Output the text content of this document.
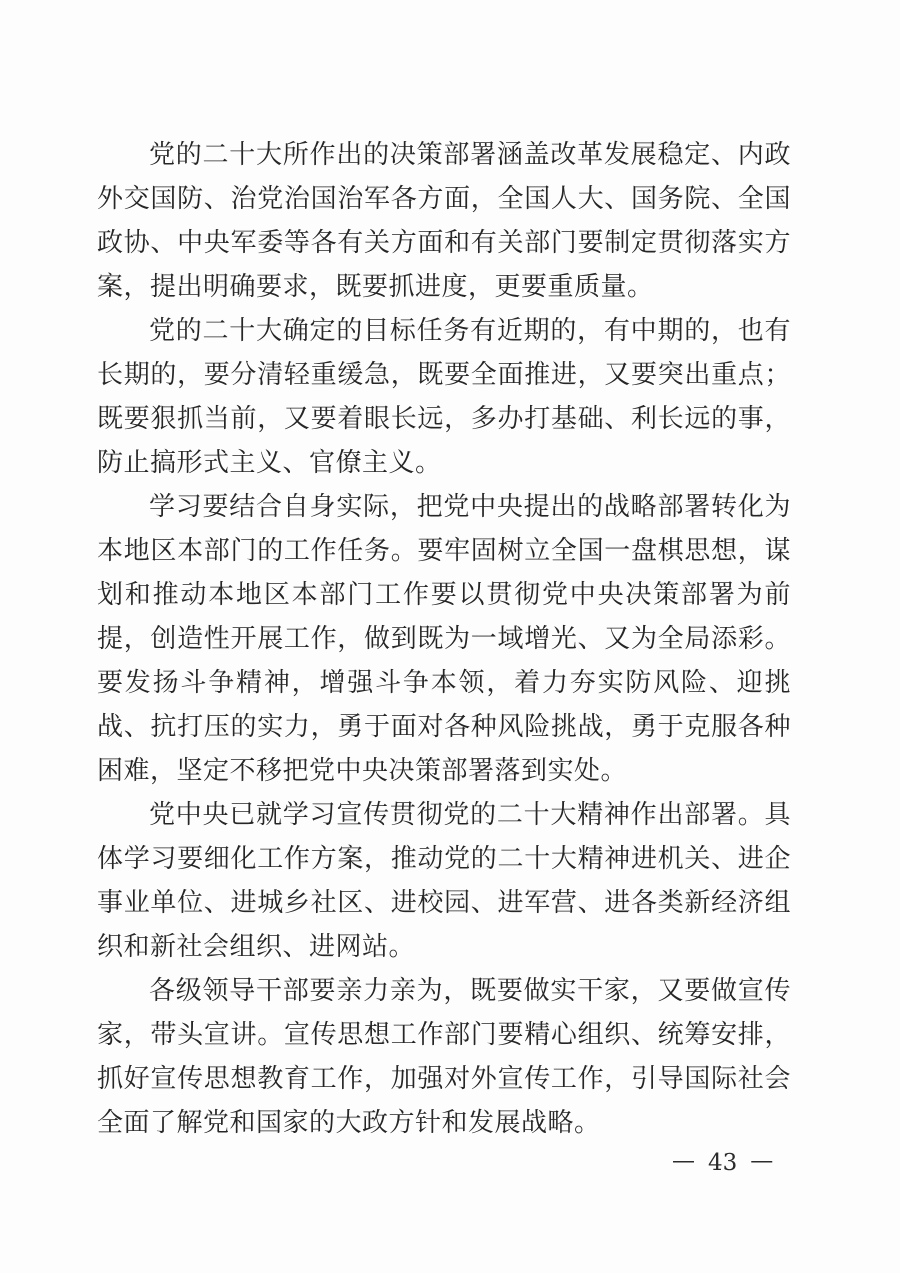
党的二十大所作出的决策部署涵盖改革发展稳定、内政外交国防、治党治国治军各方面，全国人大、国务院、全国政协、中央军委等各有关方面和有关部门要制定贯彻落实方案，提出明确要求，既要抓进度，更要重质量。

党的二十大确定的目标任务有近期的，有中期的，也有长期的，要分清轻重缓急，既要全面推进，又要突出重点；既要狠抓当前，又要着眼长远，多办打基础、利长远的事，防止搞形式主义、官僚主义。

学习要结合自身实际，把党中央提出的战略部署转化为本地区本部门的工作任务。要牢固树立全国一盘棋思想，谋划和推动本地区本部门工作要以贯彻党中央决策部署为前提，创造性开展工作，做到既为一域增光、又为全局添彩。要发扬斗争精神，增强斗争本领，着力夯实防风险、迎挑战、抗打压的实力，勇于面对各种风险挑战，勇于克服各种困难，坚定不移把党中央决策部署落到实处。

党中央已就学习宣传贯彻党的二十大精神作出部署。具体学习要细化工作方案，推动党的二十大精神进机关、进企事业单位、进城乡社区、进校园、进军营、进各类新经济组织和新社会组织、进网站。

各级领导干部要亲力亲为，既要做实干家，又要做宣传家，带头宣讲。宣传思想工作部门要精心组织、统筹安排，抓好宣传思想教育工作，加强对外宣传工作，引导国际社会全面了解党和国家的大政方针和发展战略。

— 43 —
